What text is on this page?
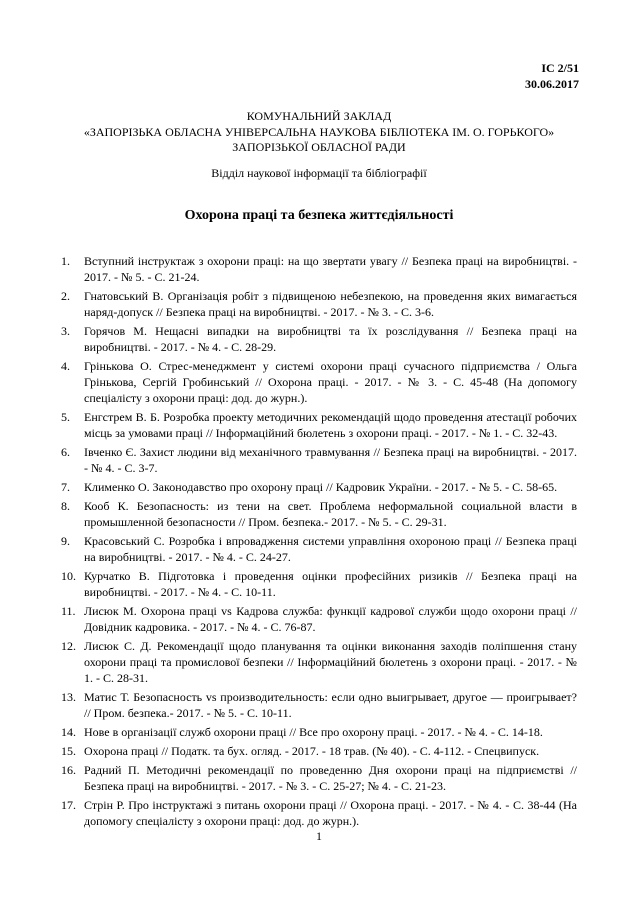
ІС 2/51
30.06.2017
КОМУНАЛЬНИЙ ЗАКЛАД
«ЗАПОРІЗЬКА ОБЛАСНА УНІВЕРСАЛЬНА НАУКОВА БІБЛІОТЕКА ІМ. О. ГОРЬКОГО»
ЗАПОРІЗЬКОЇ ОБЛАСНОЇ РАДИ
Відділ наукової інформації та бібліографії
Охорона праці та безпека життєдіяльності
1. Вступний інструктаж з охорони праці: на що звертати увагу // Безпека праці на виробництві. - 2017. - № 5. - С. 21-24.
2. Гнатовський В. Організація робіт з підвищеною небезпекою, на проведення яких вимагається наряд-допуск // Безпека праці на виробництві. - 2017. - № 3. - С. 3-6.
3. Горячов М. Нещасні випадки на виробництві та їх розслідування // Безпека праці на виробництві. - 2017. - № 4. - С. 28-29.
4. Грінькова О. Стрес-менеджмент у системі охорони праці сучасного підприємства / Ольга Грінькова, Сергій Гробинський // Охорона праці. - 2017. - № 3. - С. 45-48 (На допомогу спеціалісту з охорони праці: дод. до журн.).
5. Енгстрем В. Б. Розробка проекту методичних рекомендацій щодо проведення атестації робочих місць за умовами праці // Інформаційний бюлетень з охорони праці. - 2017. - № 1. - С. 32-43.
6. Івченко Є. Захист людини від механічного травмування // Безпека праці на виробництві. - 2017. - № 4. - С. 3-7.
7. Клименко О. Законодавство про охорону праці // Кадровик України. - 2017. - № 5. - С. 58-65.
8. Кооб К. Безопасность: из тени на свет. Проблема неформальной социальной власти в промышленной безопасности // Пром. безпека.- 2017. - № 5. - С. 29-31.
9. Красовський С. Розробка і впровадження системи управління охороною праці // Безпека праці на виробництві. - 2017. - № 4. - С. 24-27.
10. Курчатко В. Підготовка і проведення оцінки професійних ризиків // Безпека праці на виробництві. - 2017. - № 4. - С. 10-11.
11. Лисюк М. Охорона праці vs Кадрова служба: функції кадрової служби щодо охорони праці // Довідник кадровика. - 2017. - № 4. - С. 76-87.
12. Лисюк С. Д. Рекомендації щодо планування та оцінки виконання заходів поліпшення стану охорони праці та промислової безпеки // Інформаційний бюлетень з охорони праці. - 2017. - № 1. - С. 28-31.
13. Матис Т. Безопасность vs производительность: если одно выигрывает, другое — проигрывает? // Пром. безпека.- 2017. - № 5. - С. 10-11.
14. Нове в організації служб охорони праці // Все про охорону праці. - 2017. - № 4. - С. 14-18.
15. Охорона праці // Податк. та бух. огляд. - 2017. - 18 трав. (№ 40). - С. 4-112. - Спецвипуск.
16. Радний П. Методичні рекомендації по проведенню Дня охорони праці на підприємстві // Безпека праці на виробництві. - 2017. - № 3. - С. 25-27; № 4. - С. 21-23.
17. Стрін Р. Про інструктажі з питань охорони праці // Охорона праці. - 2017. - № 4. - С. 38-44 (На допомогу спеціалісту з охорони праці: дод. до журн.).
1
